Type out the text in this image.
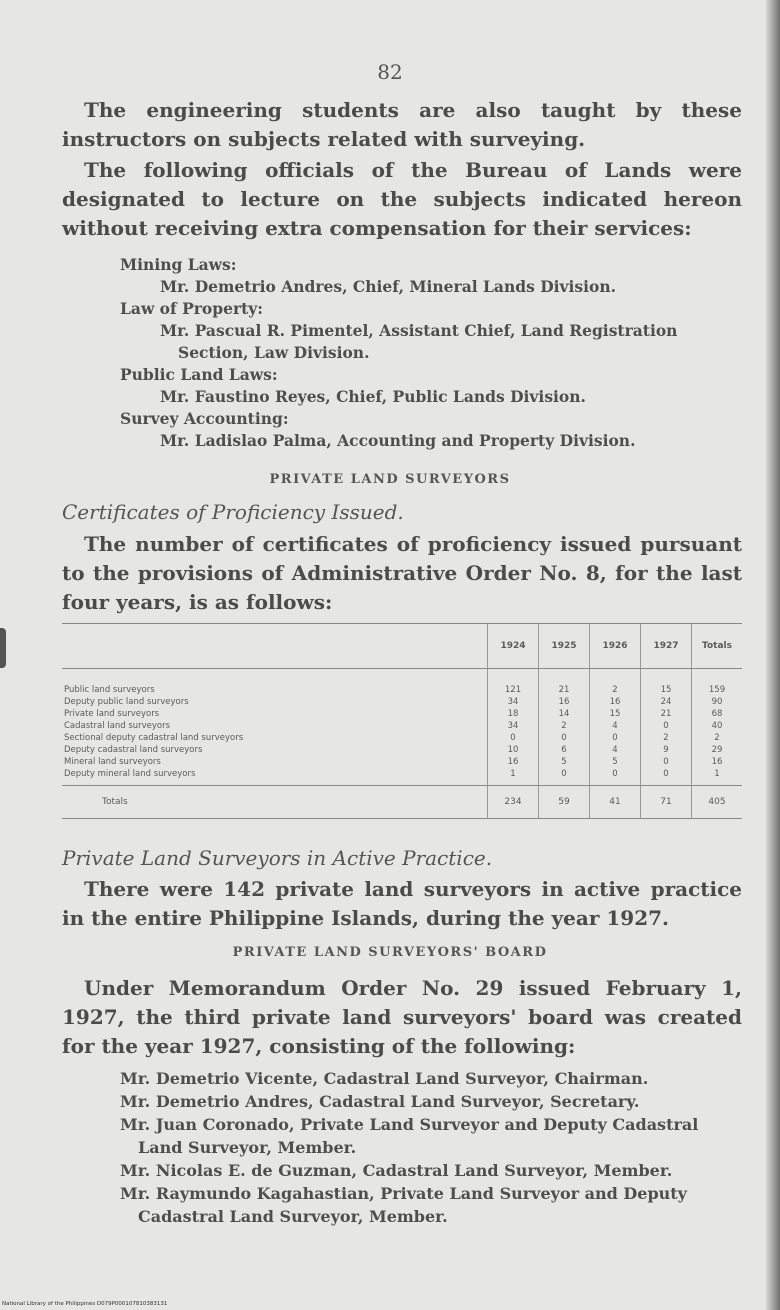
82

The engineering students are also taught by these instructors on subjects related with surveying.

The following officials of the Bureau of Lands were designated to lecture on the subjects indicated hereon without receiving extra compensation for their services:

Mining Laws:

Mr. Demetrio Andres, Chief, Mineral Lands Division.

Law of Property:

Mr. Pascual R. Pimentel, Assistant Chief, Land Registration Section, Law Division.

Public Land Laws:

Mr. Faustino Reyes, Chief, Public Lands Division.

Survey Accounting:

Mr. Ladislao Palma, Accounting and Property Division.

PRIVATE LAND SURVEYORS
Certificates of Proficiency Issued.

The number of certificates of proficiency issued pursuant to the provisions of Administrative Order No. 8, for the last four years, is as follows:

	1924	1925	1926	1927	Totals
Public land surveyors	121	21	2	15	159
Deputy public land surveyors	34	16	16	24	90
Private land surveyors	18	14	15	21	68
Cadastral land surveyors	34	2	4	0	40
Sectional deputy cadastral land surveyors	0	0	0	2	2
Deputy cadastral land surveyors	10	6	4	9	29
Mineral land surveyors	16	5	5	0	16
Deputy mineral land surveyors	1	0	0	0	1
Totals	234	59	41	71	405
Private Land Surveyors in Active Practice.

There were 142 private land surveyors in active practice in the entire Philippine Islands, during the year 1927.

PRIVATE LAND SURVEYORS' BOARD

Under Memorandum Order No. 29 issued February 1, 1927, the third private land surveyors' board was created for the year 1927, consisting of the following:

Mr. Demetrio Vicente, Cadastral Land Surveyor, Chairman.

Mr. Demetrio Andres, Cadastral Land Surveyor, Secretary.

Mr. Juan Coronado, Private Land Surveyor and Deputy Cadastral Land Surveyor, Member.

Mr. Nicolas E. de Guzman, Cadastral Land Surveyor, Member.

Mr. Raymundo Kagahastian, Private Land Surveyor and Deputy Cadastral Land Surveyor, Member.

National Library of the Philippines D079P000107810383131
